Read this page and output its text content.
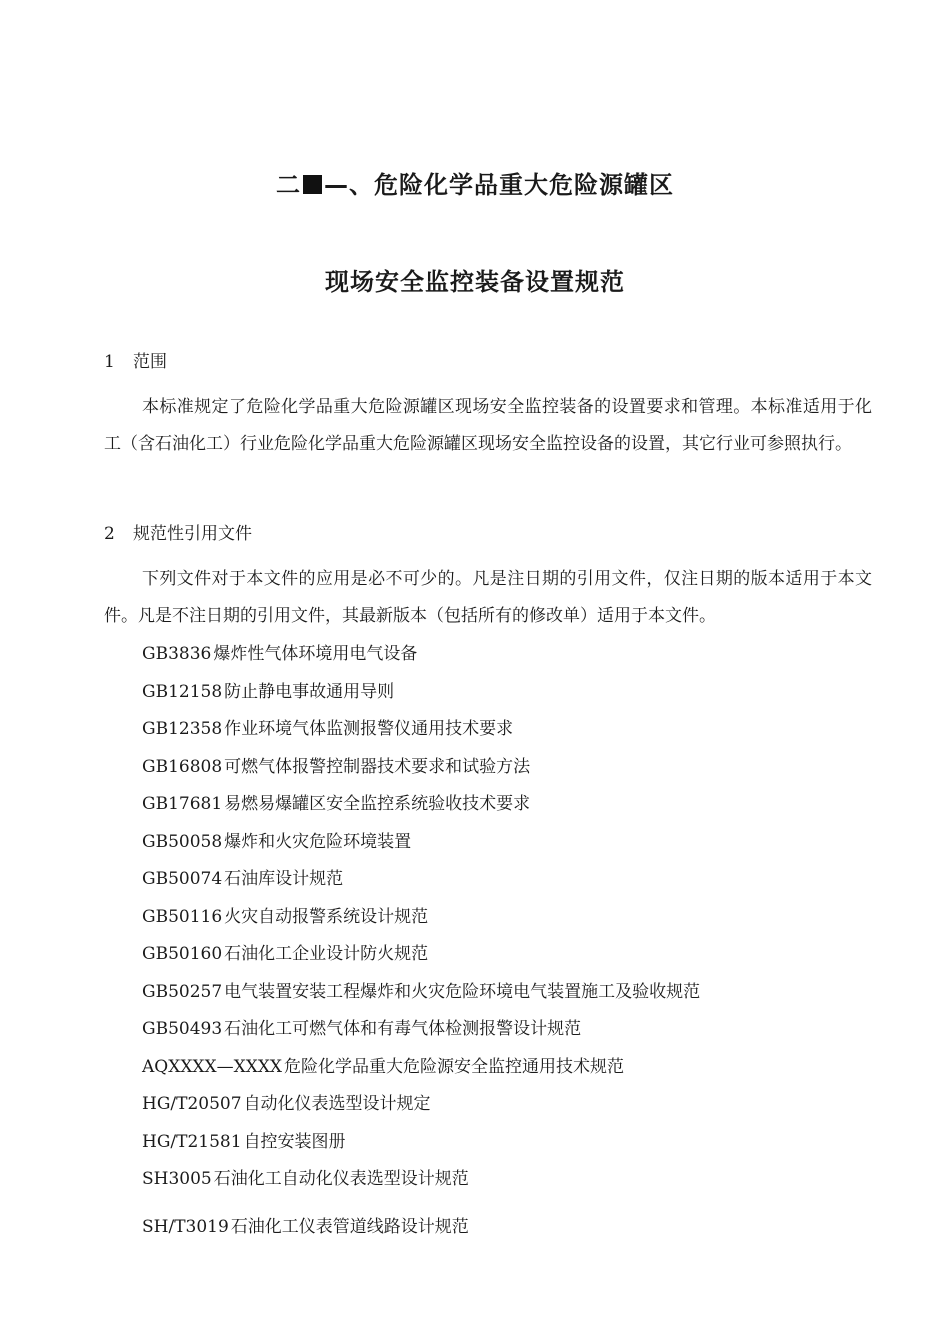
二 —、危险化学品重大危险源罐区
现场安全监控装备设置规范
1 范围

本标准规定了危险化学品重大危险源罐区现场安全监控装备的设置要求和管理。本标准适用于化工（含石油化工）行业危险化学品重大危险源罐区现场安全监控设备的设置，其它行业可参照执行。

2 规范性引用文件

下列文件对于本文件的应用是必不可少的。凡是注日期的引用文件，仅注日期的版本适用于本文件。凡是不注日期的引用文件，其最新版本（包括所有的修改单）适用于本文件。

GB3836 爆炸性气体环境用电气设备
GB12158 防止静电事故通用导则
GB12358 作业环境气体监测报警仪通用技术要求
GB16808 可燃气体报警控制器技术要求和试验方法
GB17681 易燃易爆罐区安全监控系统验收技术要求
GB50058 爆炸和火灾危险环境装置
GB50074 石油库设计规范
GB50116 火灾自动报警系统设计规范
GB50160 石油化工企业设计防火规范
GB50257 电气装置安装工程爆炸和火灾危险环境电气装置施工及验收规范
GB50493 石油化工可燃气体和有毒气体检测报警设计规范
AQXXXX—XXXX 危险化学品重大危险源安全监控通用技术规范
HG/T20507 自动化仪表选型设计规定
HG/T21581 自控安装图册
SH3005 石油化工自动化仪表选型设计规范
SH/T3019 石油化工仪表管道线路设计规范
